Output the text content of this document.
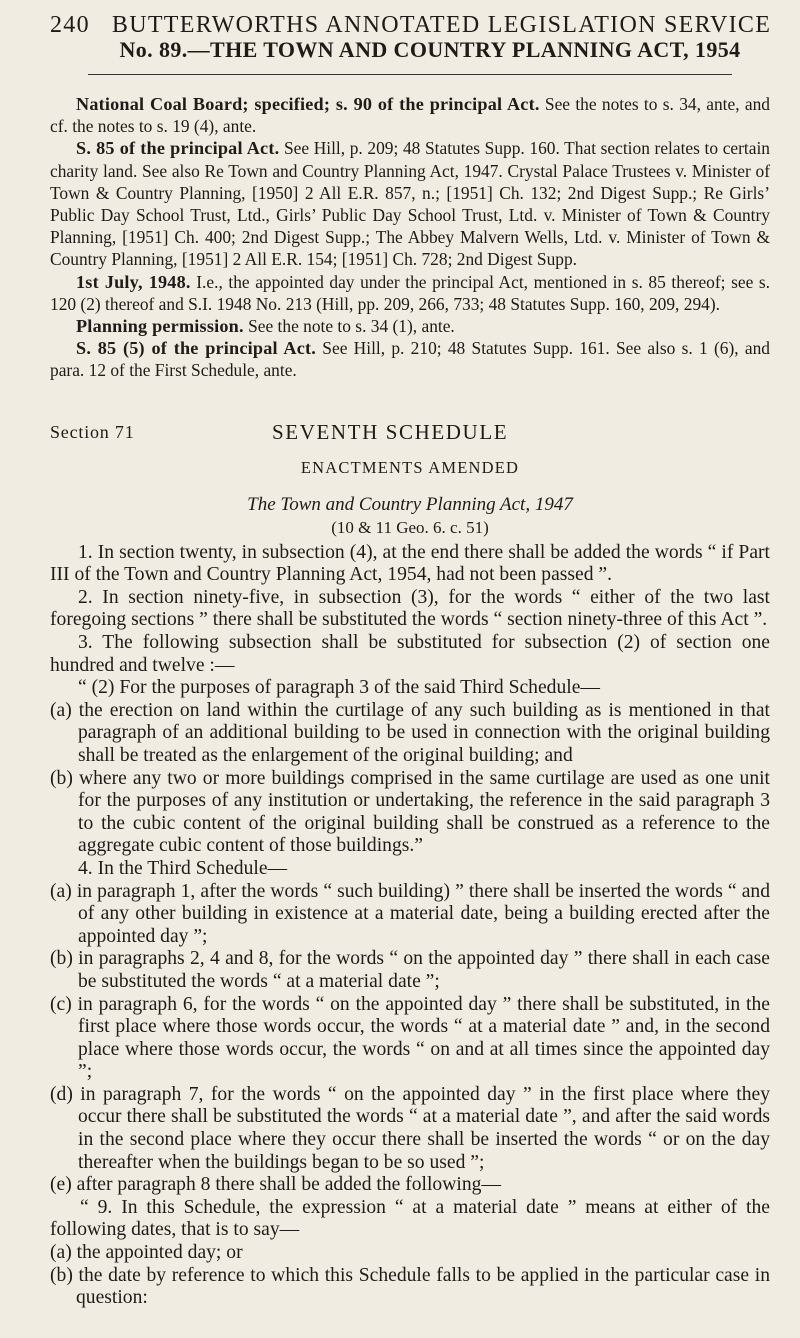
240 BUTTERWORTHS ANNOTATED LEGISLATION SERVICE
No. 89.—THE TOWN AND COUNTRY PLANNING ACT, 1954

National Coal Board; specified; s. 90 of the principal Act. See the notes to s. 34, ante, and cf. the notes to s. 19 (4), ante.

S. 85 of the principal Act. See Hill, p. 209; 48 Statutes Supp. 160. That section relates to certain charity land. See also Re Town and Country Planning Act, 1947. Crystal Palace Trustees v. Minister of Town & Country Planning, [1950] 2 All E.R. 857, n.; [1951] Ch. 132; 2nd Digest Supp.; Re Girls’ Public Day School Trust, Ltd., Girls’ Public Day School Trust, Ltd. v. Minister of Town & Country Planning, [1951] Ch. 400; 2nd Digest Supp.; The Abbey Malvern Wells, Ltd. v. Minister of Town & Country Planning, [1951] 2 All E.R. 154; [1951] Ch. 728; 2nd Digest Supp.

1st July, 1948. I.e., the appointed day under the principal Act, mentioned in s. 85 thereof; see s. 120 (2) thereof and S.I. 1948 No. 213 (Hill, pp. 209, 266, 733; 48 Statutes Supp. 160, 209, 294).

Planning permission. See the note to s. 34 (1), ante.

S. 85 (5) of the principal Act. See Hill, p. 210; 48 Statutes Supp. 161. See also s. 1 (6), and para. 12 of the First Schedule, ante.

Section 71	SEVENTH SCHEDULE
ENACTMENTS AMENDED
The Town and Country Planning Act, 1947
(10 & 11 Geo. 6. c. 51)

1. In section twenty, in subsection (4), at the end there shall be added the words “ if Part III of the Town and Country Planning Act, 1954, had not been passed ”.

2. In section ninety-five, in subsection (3), for the words “ either of the two last foregoing sections ” there shall be substituted the words “ section ninety-three of this Act ”.

3. The following subsection shall be substituted for subsection (2) of section one hundred and twelve :—

“ (2) For the purposes of paragraph 3 of the said Third Schedule—

(a) the erection on land within the curtilage of any such building as is mentioned in that paragraph of an additional building to be used in connection with the original building shall be treated as the enlargement of the original building; and

(b) where any two or more buildings comprised in the same curtilage are used as one unit for the purposes of any institution or undertaking, the reference in the said paragraph 3 to the cubic content of the original building shall be construed as a reference to the aggregate cubic content of those buildings.”

4. In the Third Schedule—

(a) in paragraph 1, after the words “ such building) ” there shall be inserted the words “ and of any other building in existence at a material date, being a building erected after the appointed day ”;

(b) in paragraphs 2, 4 and 8, for the words “ on the appointed day ” there shall in each case be substituted the words “ at a material date ”;

(c) in paragraph 6, for the words “ on the appointed day ” there shall be substituted, in the first place where those words occur, the words “ at a material date ” and, in the second place where those words occur, the words “ on and at all times since the appointed day ”;

(d) in paragraph 7, for the words “ on the appointed day ” in the first place where they occur there shall be substituted the words “ at a material date ”, and after the said words in the second place where they occur there shall be inserted the words “ or on the day thereafter when the buildings began to be so used ”;

(e) after paragraph 8 there shall be added the following—

“ 9. In this Schedule, the expression “ at a material date ” means at either of the following dates, that is to say—

(a) the appointed day; or

(b) the date by reference to which this Schedule falls to be applied in the particular case in question:
